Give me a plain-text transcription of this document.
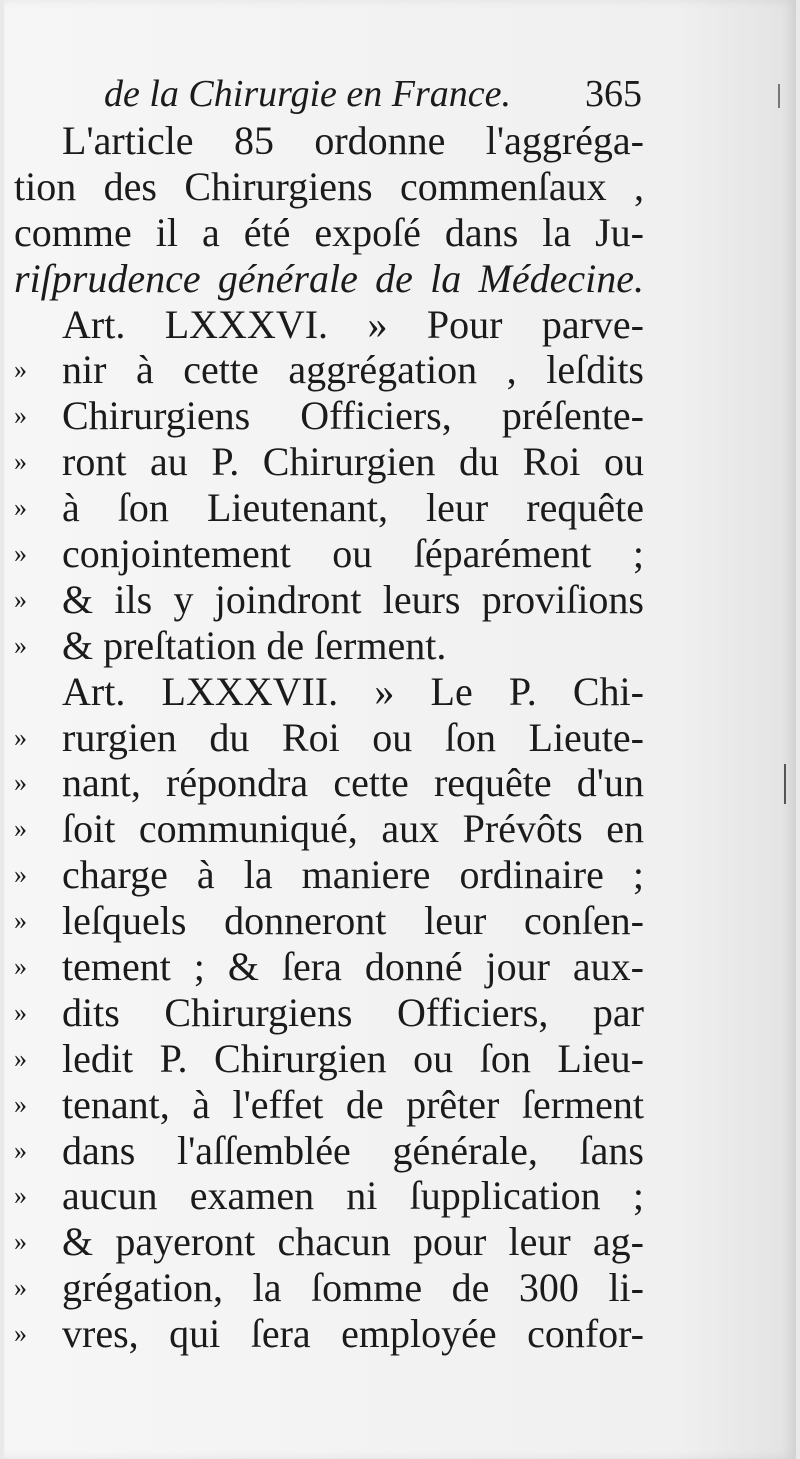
de la Chirurgie en France. 365
L'article 85 ordonne l'aggréga-
tion des Chirurgiens commenſaux ,
comme il a été expoſé dans la Ju-
riſprudence générale de la Médecine.
Art. LXXXVI. » Pour parve-
» nir à cette aggrégation , leſdits
» Chirurgiens Officiers, préſente-
» ront au P. Chirurgien du Roi ou
» à ſon Lieutenant, leur requête
» conjointement ou ſéparément ;
» & ils y joindront leurs proviſions
» & preſtation de ſerment.
Art. LXXXVII. » Le P. Chi-
» rurgien du Roi ou ſon Lieute-
» nant, répondra cette requête d'un
» ſoit communiqué, aux Prévôts en
» charge à la maniere ordinaire ;
» leſquels donneront leur conſen-
» tement ; & ſera donné jour aux-
» dits Chirurgiens Officiers, par
» ledit P. Chirurgien ou ſon Lieu-
» tenant, à l'effet de prêter ſerment
» dans l'aſſemblée générale, ſans
» aucun examen ni ſupplication ;
» & payeront chacun pour leur ag-
» grégation, la ſomme de 300 li-
» vres, qui ſera employée confor-
